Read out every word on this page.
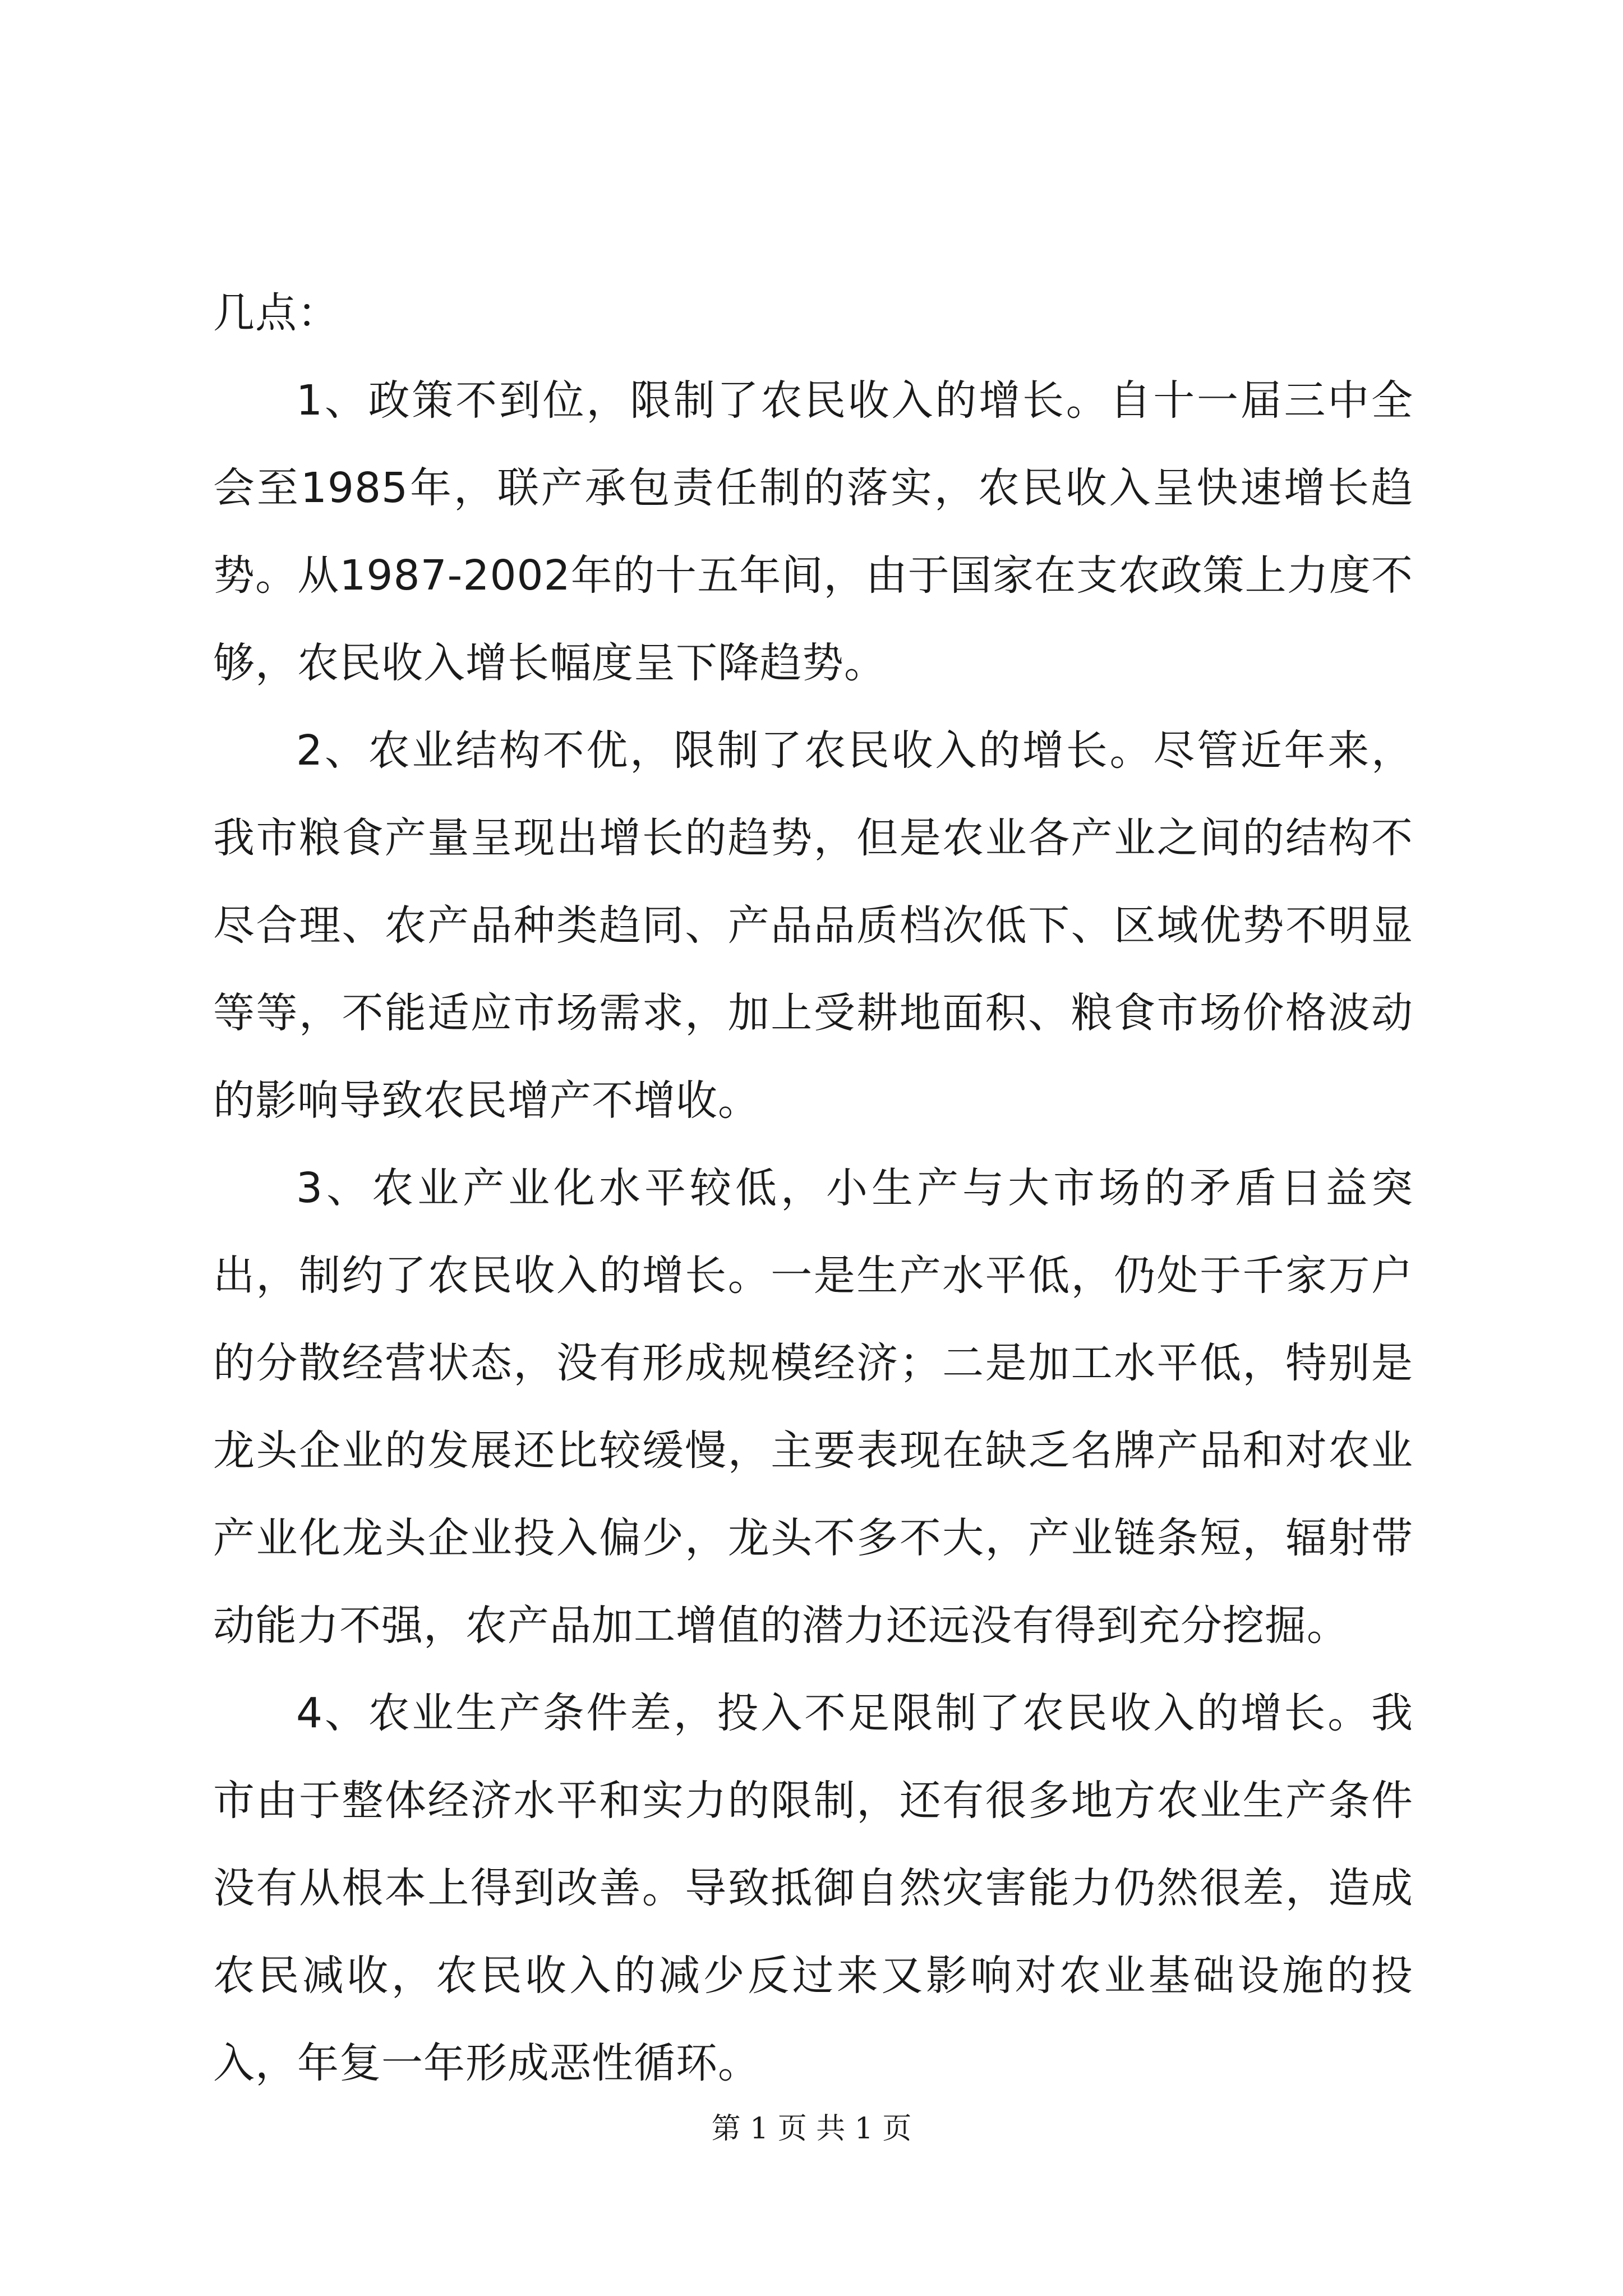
几点：

1、政策不到位，限制了农民收入的增长。自十一届三中全会至1985年，联产承包责任制的落实，农民收入呈快速增长趋势。从1987-2002年的十五年间，由于国家在支农政策上力度不够，农民收入增长幅度呈下降趋势。

2、农业结构不优，限制了农民收入的增长。尽管近年来，我市粮食产量呈现出增长的趋势，但是农业各产业之间的结构不尽合理、农产品种类趋同、产品品质档次低下、区域优势不明显等等，不能适应市场需求，加上受耕地面积、粮食市场价格波动的影响导致农民增产不增收。

3、农业产业化水平较低，小生产与大市场的矛盾日益突出，制约了农民收入的增长。一是生产水平低，仍处于千家万户的分散经营状态，没有形成规模经济；二是加工水平低，特别是龙头企业的发展还比较缓慢，主要表现在缺乏名牌产品和对农业产业化龙头企业投入偏少，龙头不多不大，产业链条短，辐射带动能力不强，农产品加工增值的潜力还远没有得到充分挖掘。

4、农业生产条件差，投入不足限制了农民收入的增长。我市由于整体经济水平和实力的限制，还有很多地方农业生产条件没有从根本上得到改善。导致抵御自然灾害能力仍然很差，造成农民减收，农民收入的减少反过来又影响对农业基础设施的投入，年复一年形成恶性循环。

第 1 页 共 1 页
